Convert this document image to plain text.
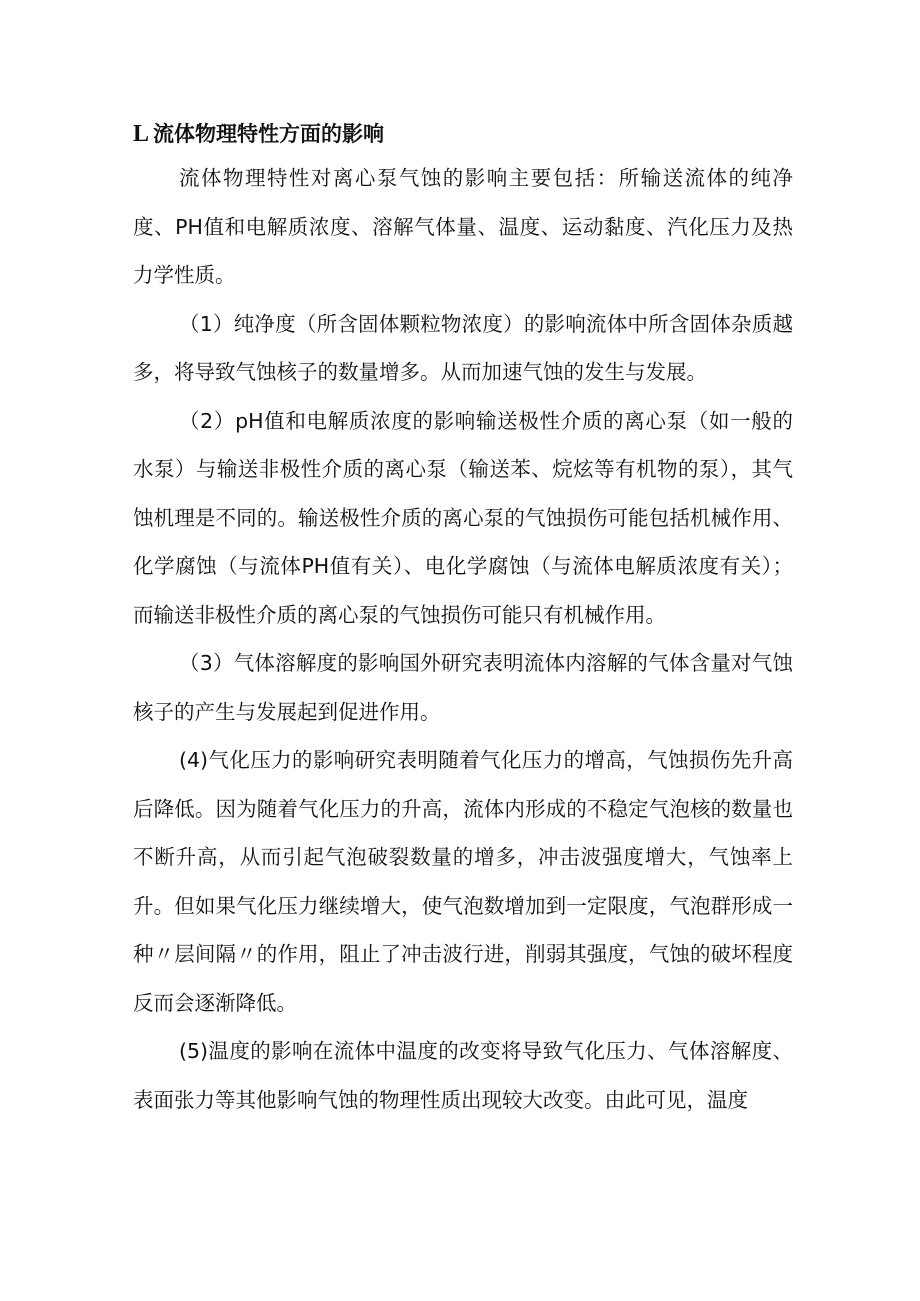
L 流体物理特性方面的影响

流体物理特性对离心泵气蚀的影响主要包括：所输送流体的纯净度、PH值和电解质浓度、溶解气体量、温度、运动黏度、汽化压力及热力学性质。

（1）纯净度（所含固体颗粒物浓度）的影响流体中所含固体杂质越多，将导致气蚀核子的数量增多。从而加速气蚀的发生与发展。

（2）pH值和电解质浓度的影响输送极性介质的离心泵（如一般的水泵）与输送非极性介质的离心泵（输送苯、烷炫等有机物的泵），其气蚀机理是不同的。输送极性介质的离心泵的气蚀损伤可能包括机械作用、化学腐蚀（与流体PH值有关）、电化学腐蚀（与流体电解质浓度有关）；而输送非极性介质的离心泵的气蚀损伤可能只有机械作用。

（3）气体溶解度的影响国外研究表明流体内溶解的气体含量对气蚀核子的产生与发展起到促进作用。

(4)气化压力的影响研究表明随着气化压力的增高，气蚀损伤先升高后降低。因为随着气化压力的升高，流体内形成的不稳定气泡核的数量也不断升高，从而引起气泡破裂数量的增多，冲击波强度增大，气蚀率上升。但如果气化压力继续增大，使气泡数增加到一定限度，气泡群形成一种〃层间隔〃的作用，阻止了冲击波行进，削弱其强度，气蚀的破坏程度反而会逐渐降低。

(5)温度的影响在流体中温度的改变将导致气化压力、气体溶解度、表面张力等其他影响气蚀的物理性质出现较大改变。由此可见，温度
